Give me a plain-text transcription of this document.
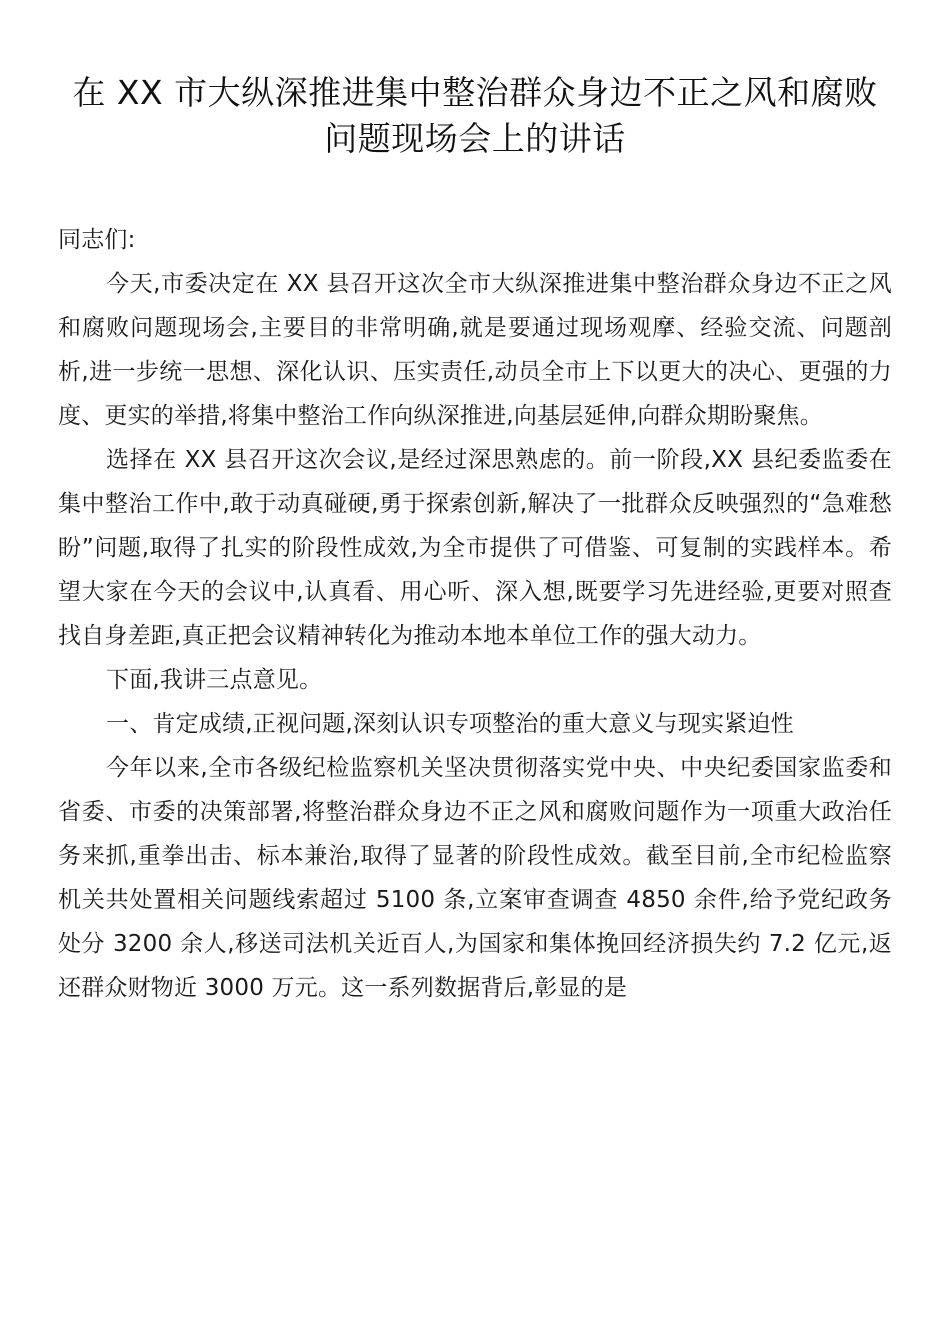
在 XX 市大纵深推进集中整治群众身边不正之风和腐败
问题现场会上的讲话

同志们:

今天,市委决定在 XX 县召开这次全市大纵深推进集中整治群众身边不正之风和腐败问题现场会,主要目的非常明确,就是要通过现场观摩、经验交流、问题剖析,进一步统一思想、深化认识、压实责任,动员全市上下以更大的决心、更强的力度、更实的举措,将集中整治工作向纵深推进,向基层延伸,向群众期盼聚焦。

选择在 XX 县召开这次会议,是经过深思熟虑的。前一阶段,XX 县纪委监委在集中整治工作中,敢于动真碰硬,勇于探索创新,解决了一批群众反映强烈的“急难愁盼”问题,取得了扎实的阶段性成效,为全市提供了可借鉴、可复制的实践样本。希望大家在今天的会议中,认真看、用心听、深入想,既要学习先进经验,更要对照查找自身差距,真正把会议精神转化为推动本地本单位工作的强大动力。

下面,我讲三点意见。

一、肯定成绩,正视问题,深刻认识专项整治的重大意义与现实紧迫性

今年以来,全市各级纪检监察机关坚决贯彻落实党中央、中央纪委国家监委和省委、市委的决策部署,将整治群众身边不正之风和腐败问题作为一项重大政治任务来抓,重拳出击、标本兼治,取得了显著的阶段性成效。截至目前,全市纪检监察机关共处置相关问题线索超过 5100 条,立案审查调查 4850 余件,给予党纪政务处分 3200 余人,移送司法机关近百人,为国家和集体挽回经济损失约 7.2 亿元,返还群众财物近 3000 万元。这一系列数据背后,彰显的是
